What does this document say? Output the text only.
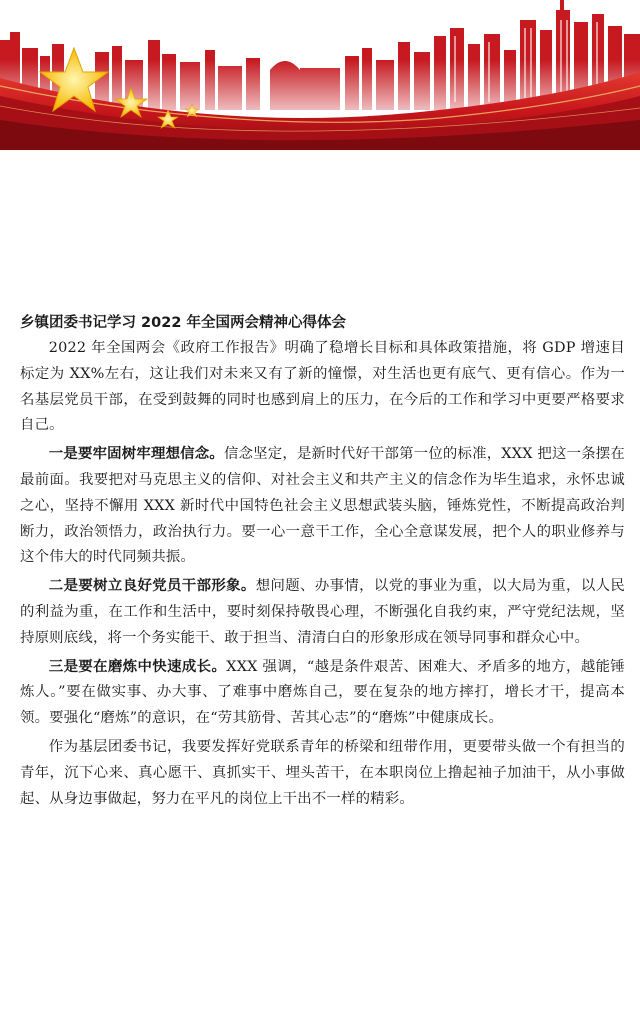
乡镇团委书记学习 2022 年全国两会精神心得体会

2022 年全国两会《政府工作报告》明确了稳增长目标和具体政策措施，将 GDP 增速目标定为 XX%左右，这让我们对未来又有了新的憧憬，对生活也更有底气、更有信心。作为一名基层党员干部，在受到鼓舞的同时也感到肩上的压力，在今后的工作和学习中更要严格要求自己。

一是要牢固树牢理想信念。信念坚定，是新时代好干部第一位的标准，XXX 把这一条摆在最前面。我要把对马克思主义的信仰、对社会主义和共产主义的信念作为毕生追求，永怀忠诚之心，坚持不懈用 XXX 新时代中国特色社会主义思想武装头脑，锤炼党性，不断提高政治判断力，政治领悟力，政治执行力。要一心一意干工作，全心全意谋发展，把个人的职业修养与这个伟大的时代同频共振。

二是要树立良好党员干部形象。想问题、办事情，以党的事业为重，以大局为重，以人民的利益为重，在工作和生活中，要时刻保持敬畏心理，不断强化自我约束，严守党纪法规，坚持原则底线，将一个务实能干、敢于担当、清清白白的形象形成在领导同事和群众心中。

三是要在磨炼中快速成长。XXX 强调，“越是条件艰苦、困难大、矛盾多的地方，越能锤炼人。”要在做实事、办大事、了难事中磨炼自己，要在复杂的地方摔打，增长才干，提高本领。要强化“磨炼”的意识，在“劳其筋骨、苦其心志”的“磨炼”中健康成长。

作为基层团委书记，我要发挥好党联系青年的桥梁和纽带作用，更要带头做一个有担当的青年，沉下心来、真心愿干、真抓实干、埋头苦干，在本职岗位上撸起袖子加油干，从小事做起、从身边事做起，努力在平凡的岗位上干出不一样的精彩。
